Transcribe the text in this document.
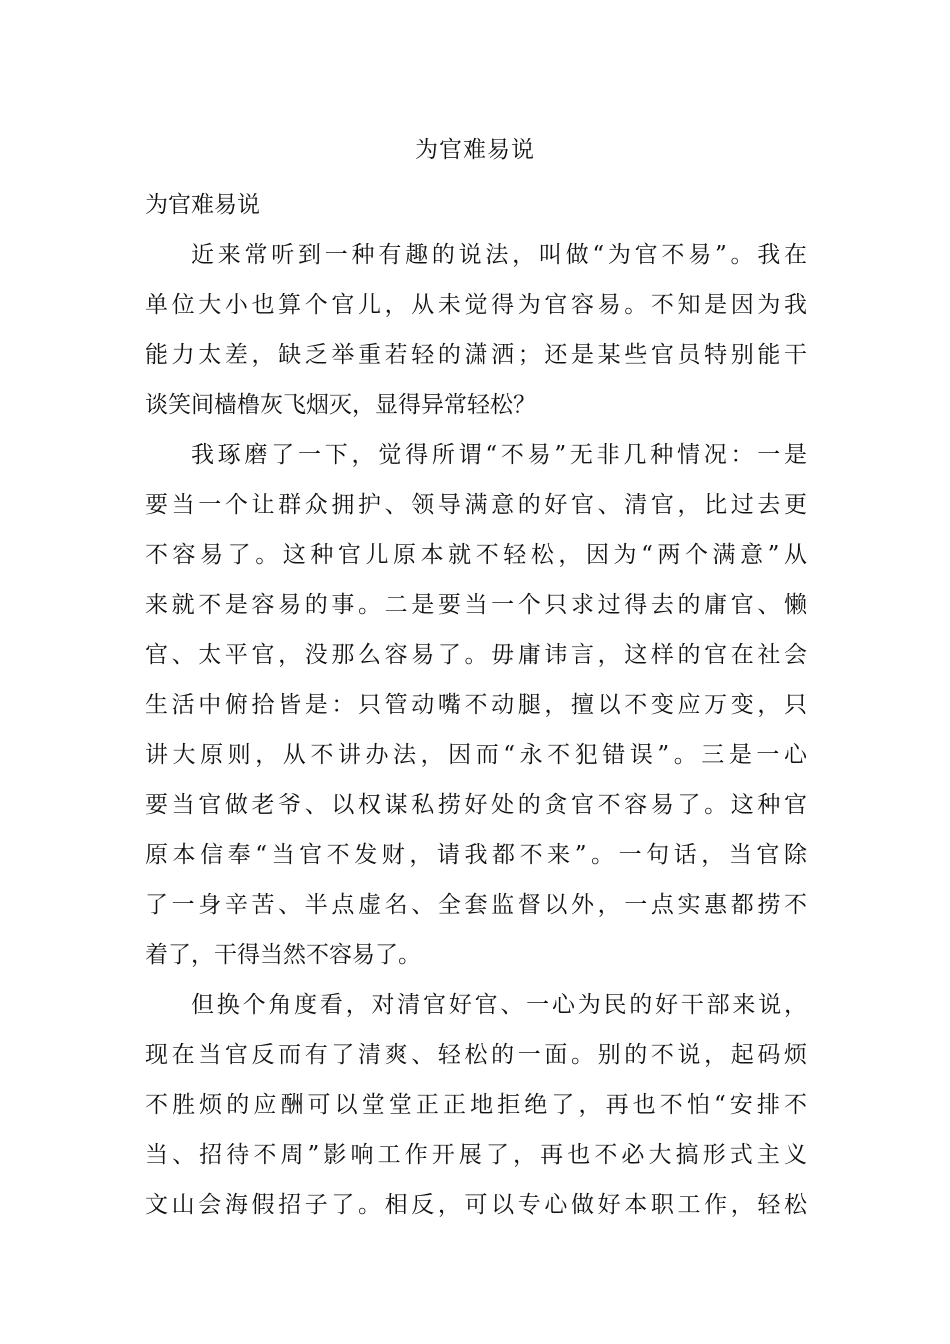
为官难易说
为官难易说
近来常听到一种有趣的说法，叫做“为官不易”。我在
单位大小也算个官儿，从未觉得为官容易。不知是因为我
能力太差，缺乏举重若轻的潇洒；还是某些官员特别能干
谈笑间樯橹灰飞烟灭，显得异常轻松？
我琢磨了一下，觉得所谓“不易”无非几种情况：一是
要当一个让群众拥护、领导满意的好官、清官，比过去更
不容易了。这种官儿原本就不轻松，因为“两个满意”从
来就不是容易的事。二是要当一个只求过得去的庸官、懒
官、太平官，没那么容易了。毋庸讳言，这样的官在社会
生活中俯拾皆是：只管动嘴不动腿，擅以不变应万变，只
讲大原则，从不讲办法，因而“永不犯错误”。三是一心
要当官做老爷、以权谋私捞好处的贪官不容易了。这种官
原本信奉“当官不发财，请我都不来”。一句话，当官除
了一身辛苦、半点虚名、全套监督以外，一点实惠都捞不
着了，干得当然不容易了。
但换个角度看，对清官好官、一心为民的好干部来说，
现在当官反而有了清爽、轻松的一面。别的不说，起码烦
不胜烦的应酬可以堂堂正正地拒绝了，再也不怕“安排不
当、招待不周”影响工作开展了，再也不必大搞形式主义
文山会海假招子了。相反，可以专心做好本职工作，轻松
